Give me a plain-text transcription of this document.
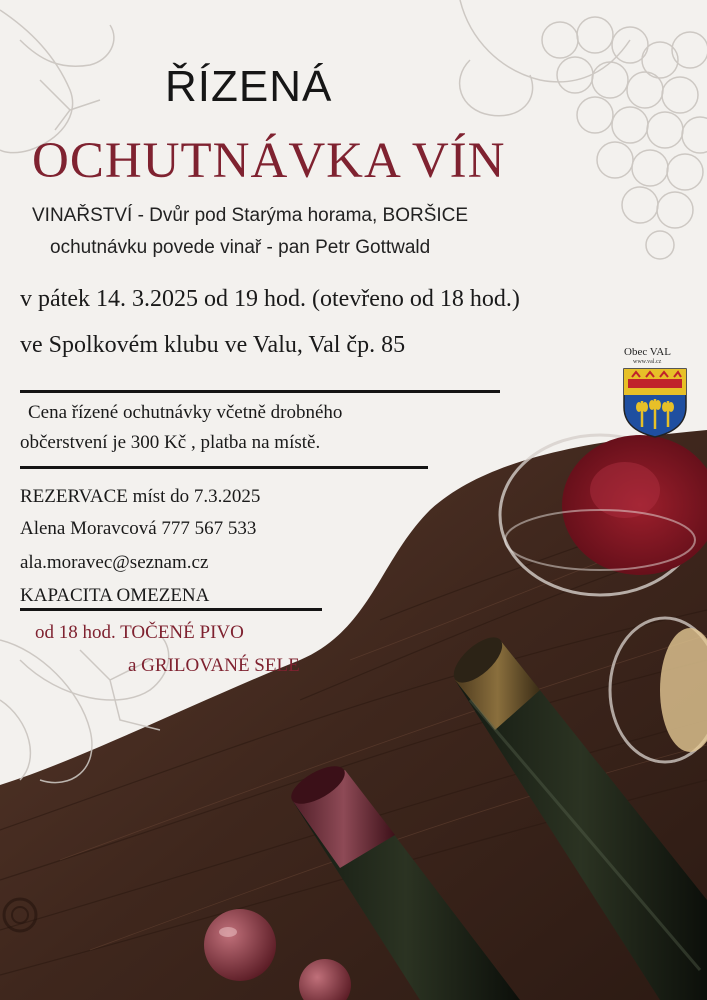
ŘÍZENÁ

OCHUTNÁVKA VÍN

VINAŘSTVÍ - Dvůr pod Starýma horama, BORŠICE

ochutnávku povede vinař - pan Petr Gottwald

v pátek 14. 3.2025 od 19 hod. (otevřeno od 18 hod.)

ve Spolkovém klubu ve Valu, Val čp. 85

Cena řízené ochutnávky včetně drobného

občerstvení je 300 Kč , platba na místě.

REZERVACE míst do 7.3.2025

Alena Moravcová 777 567 533

ala.moravec@seznam.cz

KAPACITA OMEZENA

od 18 hod. TOČENÉ PIVO

a GRILOVANÉ SELE

Obec VAL
www.val.cz
